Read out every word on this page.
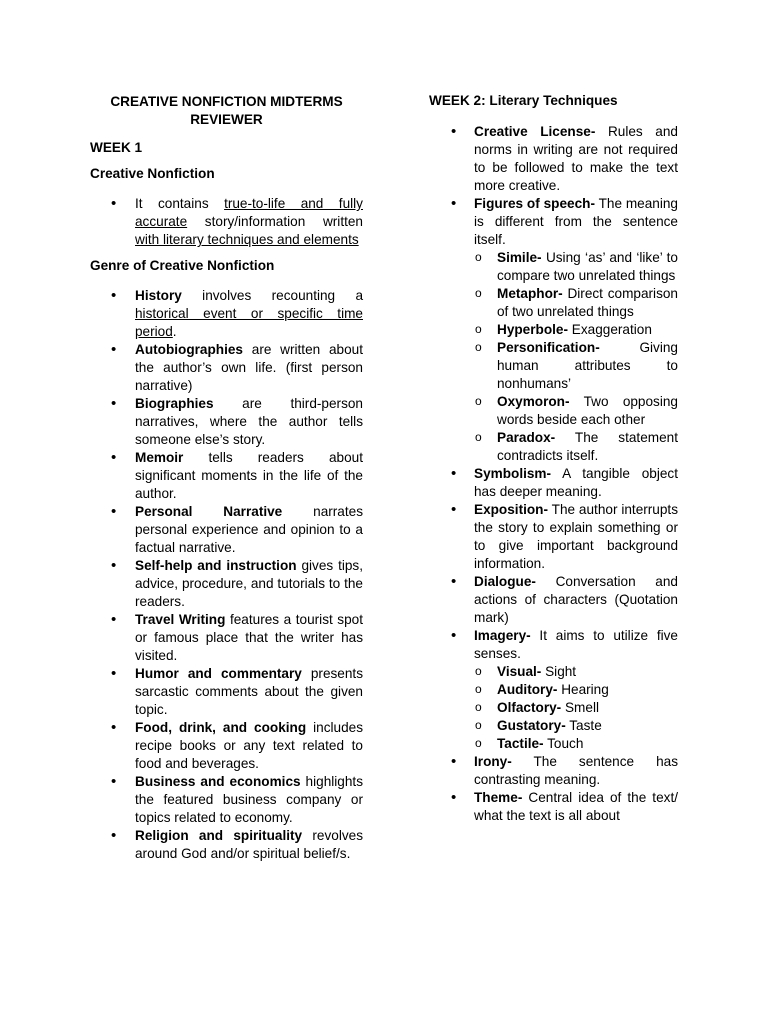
CREATIVE NONFICTION MIDTERMS
REVIEWER
WEEK 1
Creative Nonfiction
• It contains true-to-life and fully accurate story/information written with literary techniques and elements
Genre of Creative Nonfiction
• History involves recounting a historical event or specific time period.
• Autobiographies are written about the author’s own life. (first person narrative)
• Biographies are third-person narratives, where the author tells someone else’s story.
• Memoir tells readers about significant moments in the life of the author.
• Personal Narrative narrates personal experience and opinion to a factual narrative.
• Self-help and instruction gives tips, advice, procedure, and tutorials to the readers.
• Travel Writing features a tourist spot or famous place that the writer has visited.
• Humor and commentary presents sarcastic comments about the given topic.
• Food, drink, and cooking includes recipe books or any text related to food and beverages.
• Business and economics highlights the featured business company or topics related to economy.
• Religion and spirituality revolves around God and/or spiritual belief/s.
WEEK 2: Literary Techniques
• Creative License- Rules and norms in writing are not required to be followed to make the text more creative.
• Figures of speech- The meaning is different from the sentence itself.
o Simile- Using ‘as’ and ‘like’ to compare two unrelated things
o Metaphor- Direct comparison of two unrelated things
o Hyperbole- Exaggeration
o Personification- Giving human attributes to nonhumans’
o Oxymoron- Two opposing words beside each other
o Paradox- The statement contradicts itself.
• Symbolism- A tangible object has deeper meaning.
• Exposition- The author interrupts the story to explain something or to give important background information.
• Dialogue- Conversation and actions of characters (Quotation mark)
• Imagery- It aims to utilize five senses.
o Visual- Sight
o Auditory- Hearing
o Olfactory- Smell
o Gustatory- Taste
o Tactile- Touch
• Irony- The sentence has contrasting meaning.
• Theme- Central idea of the text/ what the text is all about
